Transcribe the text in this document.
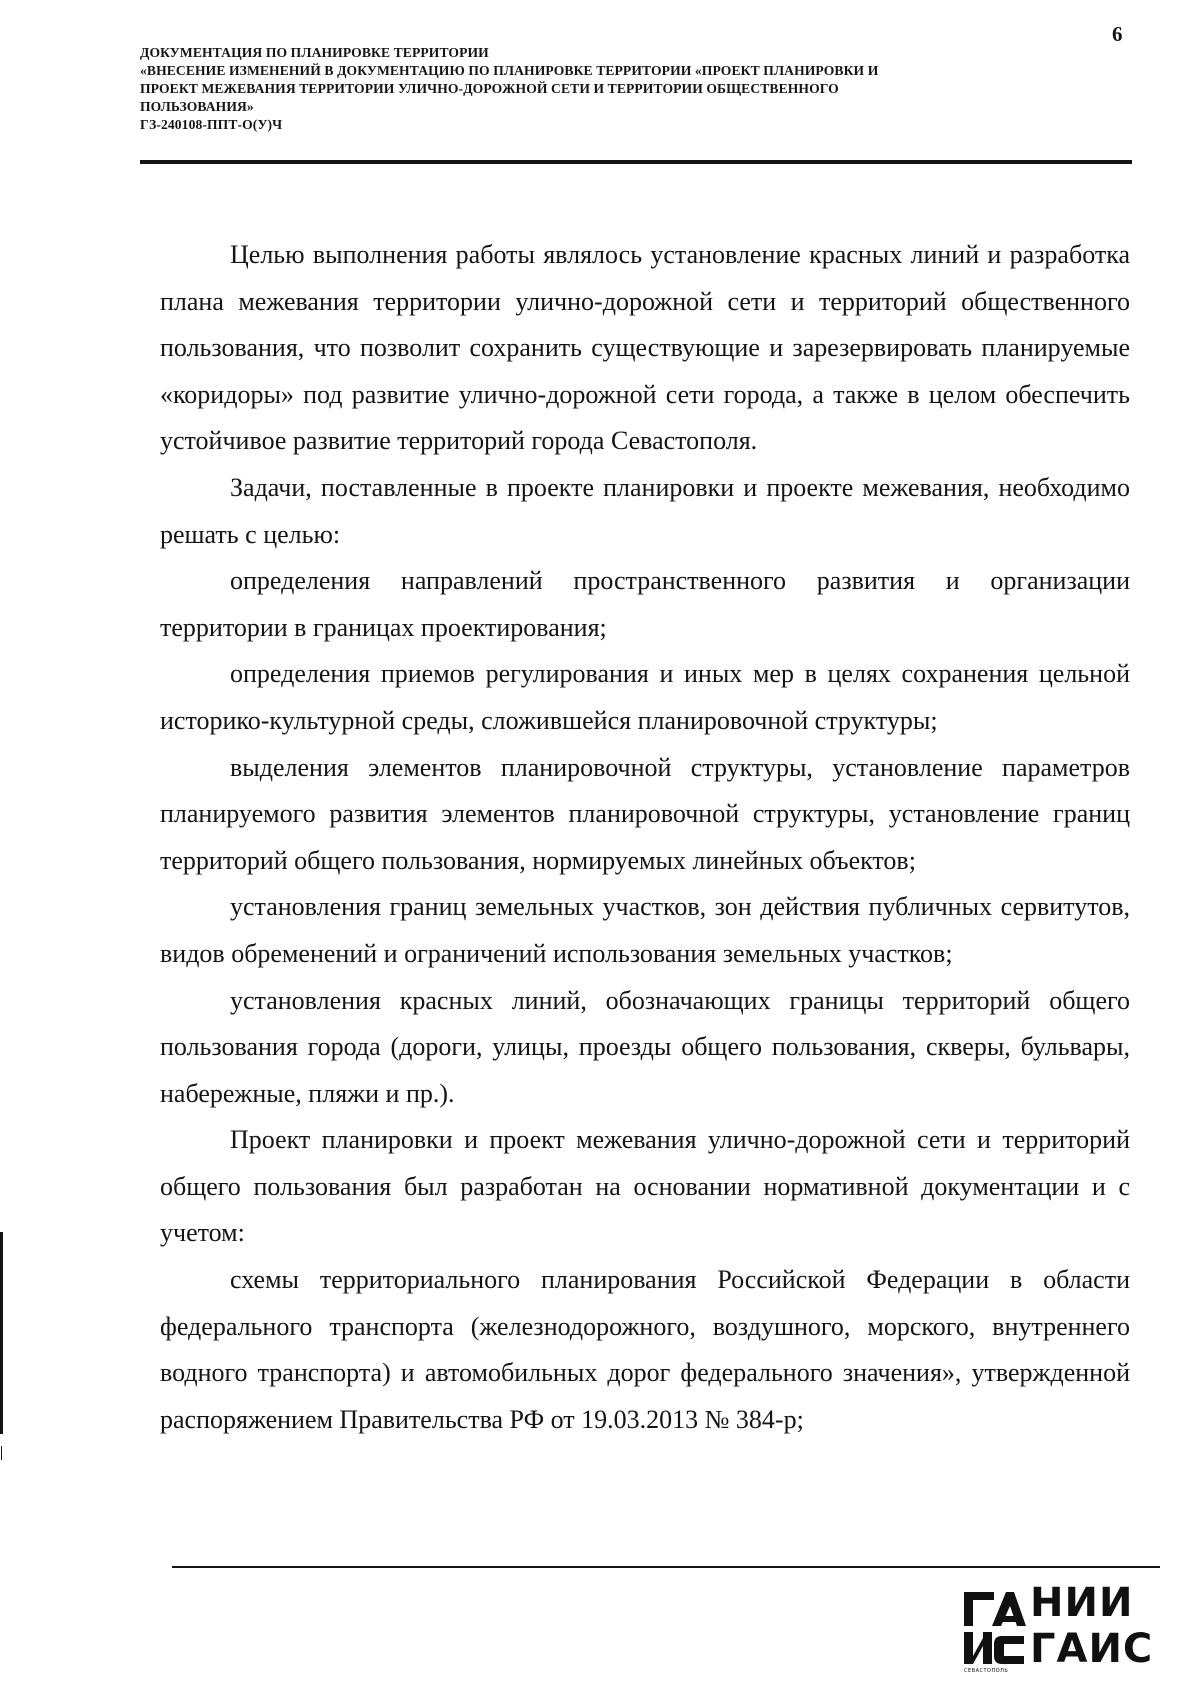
ДОКУМЕНТАЦИЯ ПО ПЛАНИРОВКЕ ТЕРРИТОРИИ
«ВНЕСЕНИЕ ИЗМЕНЕНИЙ В ДОКУМЕНТАЦИЮ ПО ПЛАНИРОВКЕ ТЕРРИТОРИИ «ПРОЕКТ ПЛАНИРОВКИ И
ПРОЕКТ МЕЖЕВАНИЯ ТЕРРИТОРИИ УЛИЧНО-ДОРОЖНОЙ СЕТИ И ТЕРРИТОРИИ ОБЩЕСТВЕННОГО
ПОЛЬЗОВАНИЯ»
ГЗ-240108-ППТ-О(У)Ч
6

Целью выполнения работы являлось установление красных линий и разработка плана межевания территории улично-дорожной сети и территорий общественного пользования, что позволит сохранить существующие и зарезервировать планируемые «коридоры» под развитие улично-дорожной сети города, а также в целом обеспечить устойчивое развитие территорий города Севастополя.

Задачи, поставленные в проекте планировки и проекте межевания, необходимо решать с целью:

определения направлений пространственного развития и организации территории в границах проектирования;

определения приемов регулирования и иных мер в целях сохранения цельной историко-культурной среды, сложившейся планировочной структуры;

выделения элементов планировочной структуры, установление параметров планируемого развития элементов планировочной структуры, установление границ территорий общего пользования, нормируемых линейных объектов;

установления границ земельных участков, зон действия публичных сервитутов, видов обременений и ограничений использования земельных участков;

установления красных линий, обозначающих границы территорий общего пользования города (дороги, улицы, проезды общего пользования, скверы, бульвары, набережные, пляжи и пр.).

Проект планировки и проект межевания улично-дорожной сети и территорий общего пользования был разработан на основании нормативной документации и с учетом:

схемы территориального планирования Российской Федерации в области федерального транспорта (железнодорожного, воздушного, морского, внутреннего водного транспорта) и автомобильных дорог федерального значения», утвержденной распоряжением Правительства РФ от 19.03.2013 № 384-р;

НИИ
ГАИС
СЕВАСТОПОЛЬ
